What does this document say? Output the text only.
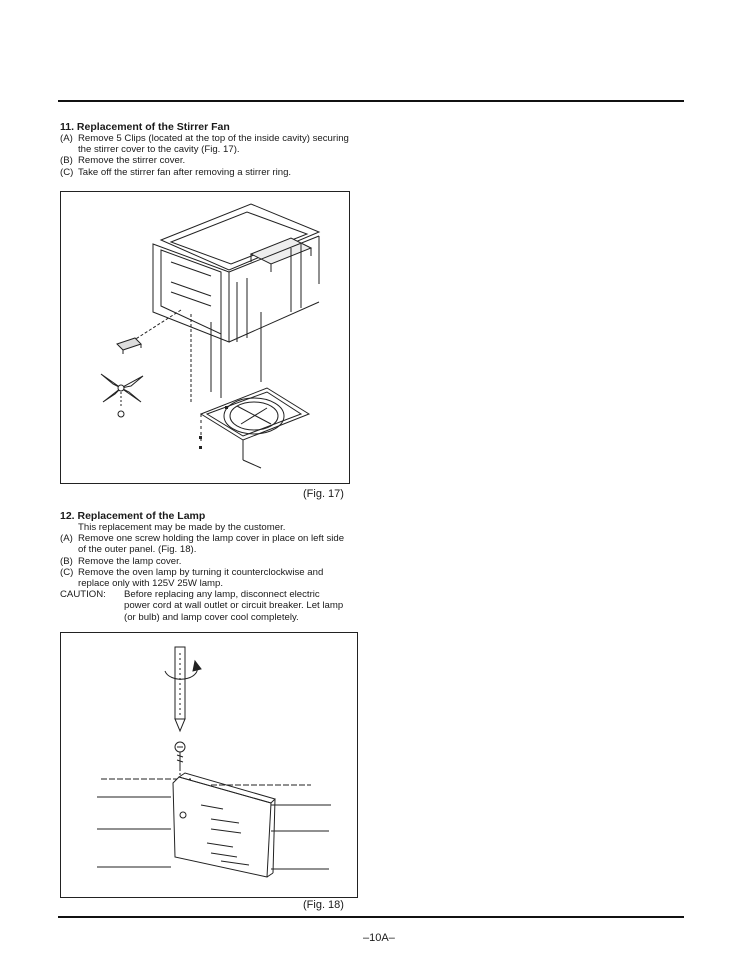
11. Replacement of the Stirrer Fan
(A) Remove 5 Clips (located at the top of the inside cavity) securing the stirrer cover to the cavity (Fig. 17).
(B) Remove the stirrer cover.
(C) Take off the stirrer fan after removing a stirrer ring.
(Fig. 17)
12. Replacement of the Lamp
This replacement may be made by the customer.
(A) Remove one screw holding the lamp cover in place on left side of the outer panel. (Fig. 18).
(B) Remove the lamp cover.
(C) Remove the oven lamp by turning it counterclockwise and replace only with 125V 25W lamp.
CAUTION:	Before replacing any lamp, disconnect electric power cord at wall outlet or circuit breaker. Let lamp (or bulb) and lamp cover cool completely.
(Fig. 18)
–10A–
